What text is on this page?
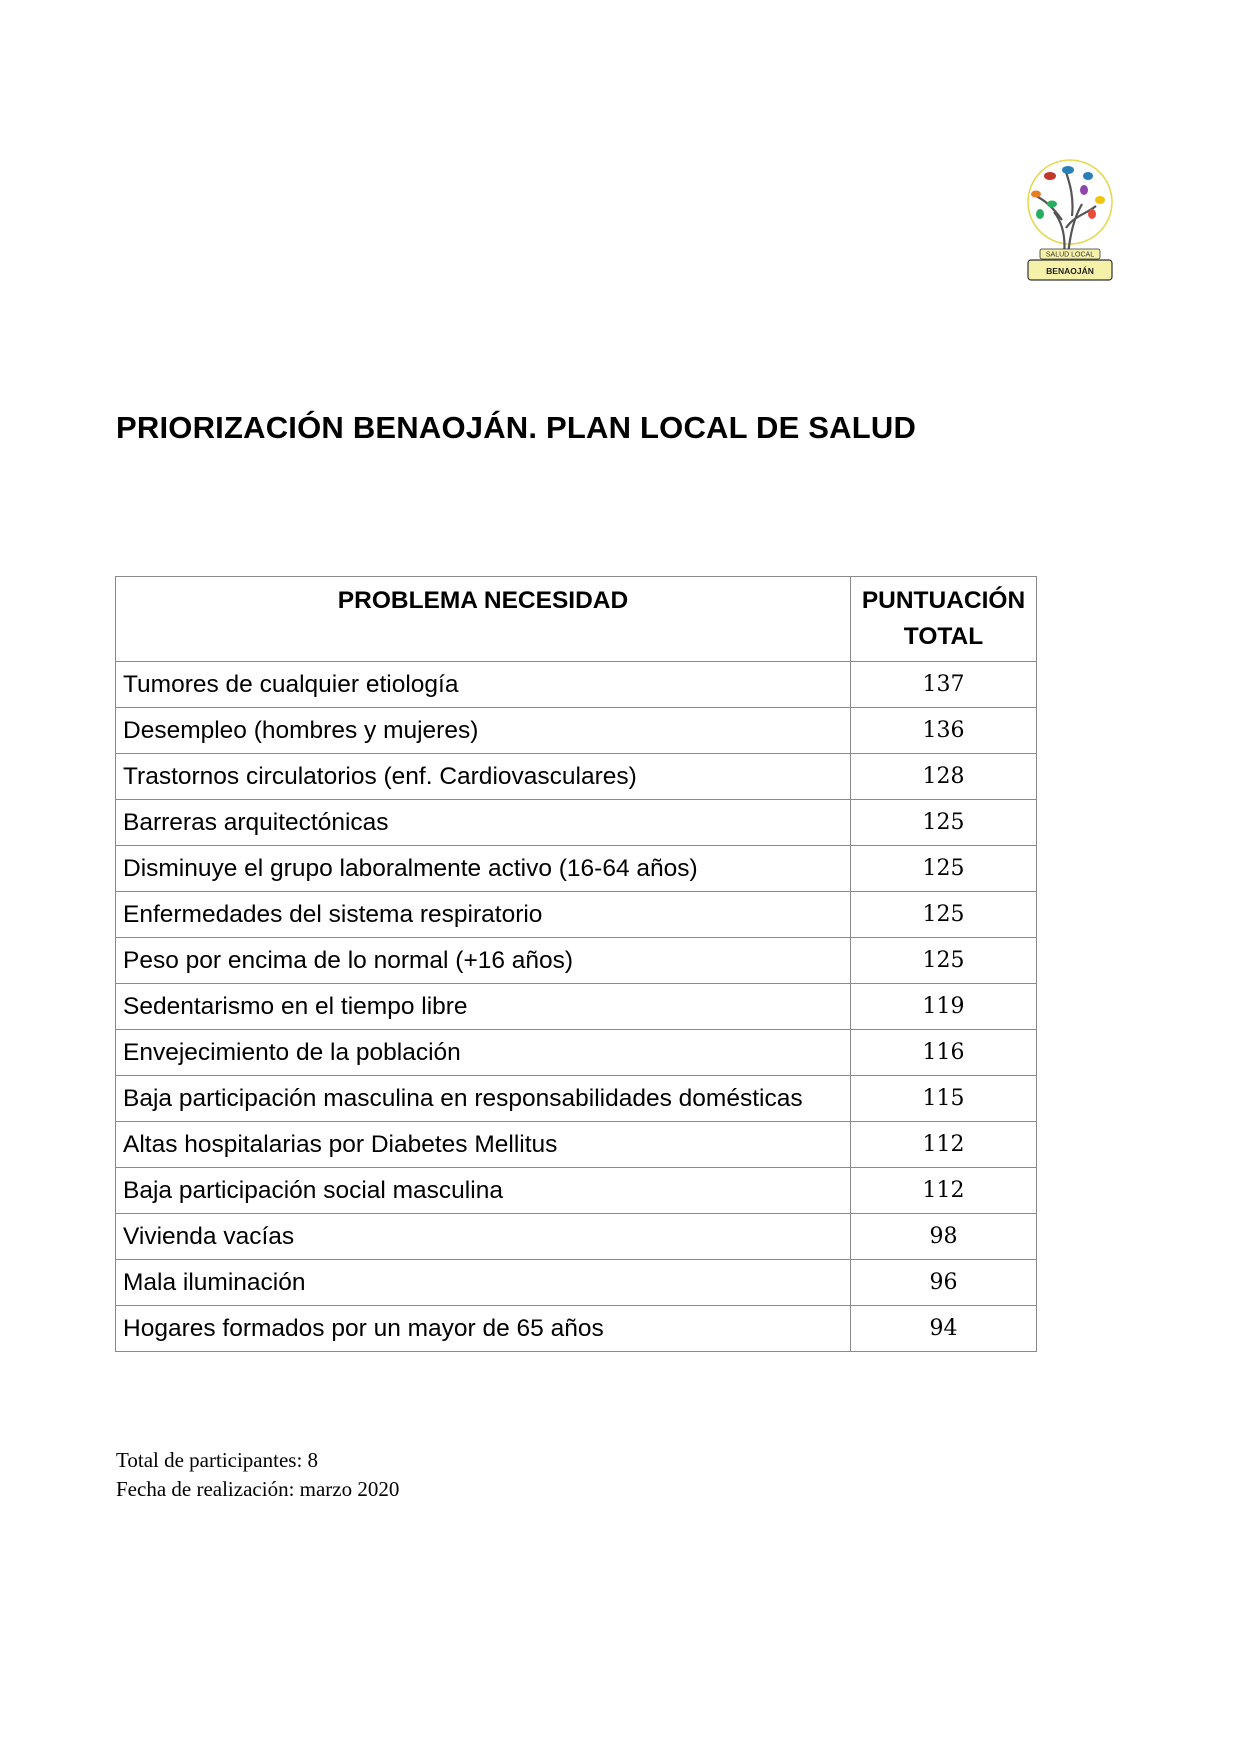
SALUD LOCAL
BENAOJÁN
PRIORIZACIÓN BENAOJÁN. PLAN LOCAL DE SALUD
PROBLEMA NECESIDAD	PUNTUACIÓN TOTAL
Tumores de cualquier etiología	137
Desempleo (hombres y mujeres)	136
Trastornos circulatorios (enf. Cardiovasculares)	128
Barreras arquitectónicas	125
Disminuye el grupo laboralmente activo (16-64 años)	125
Enfermedades del sistema respiratorio	125
Peso por encima de lo normal (+16 años)	125
Sedentarismo en el tiempo libre	119
Envejecimiento de la población	116
Baja participación masculina en responsabilidades domésticas	115
Altas hospitalarias por Diabetes Mellitus	112
Baja participación social masculina	112
Vivienda vacías	98
Mala iluminación	96
Hogares formados por un mayor de 65 años	94
Total de participantes: 8
Fecha de realización: marzo 2020
